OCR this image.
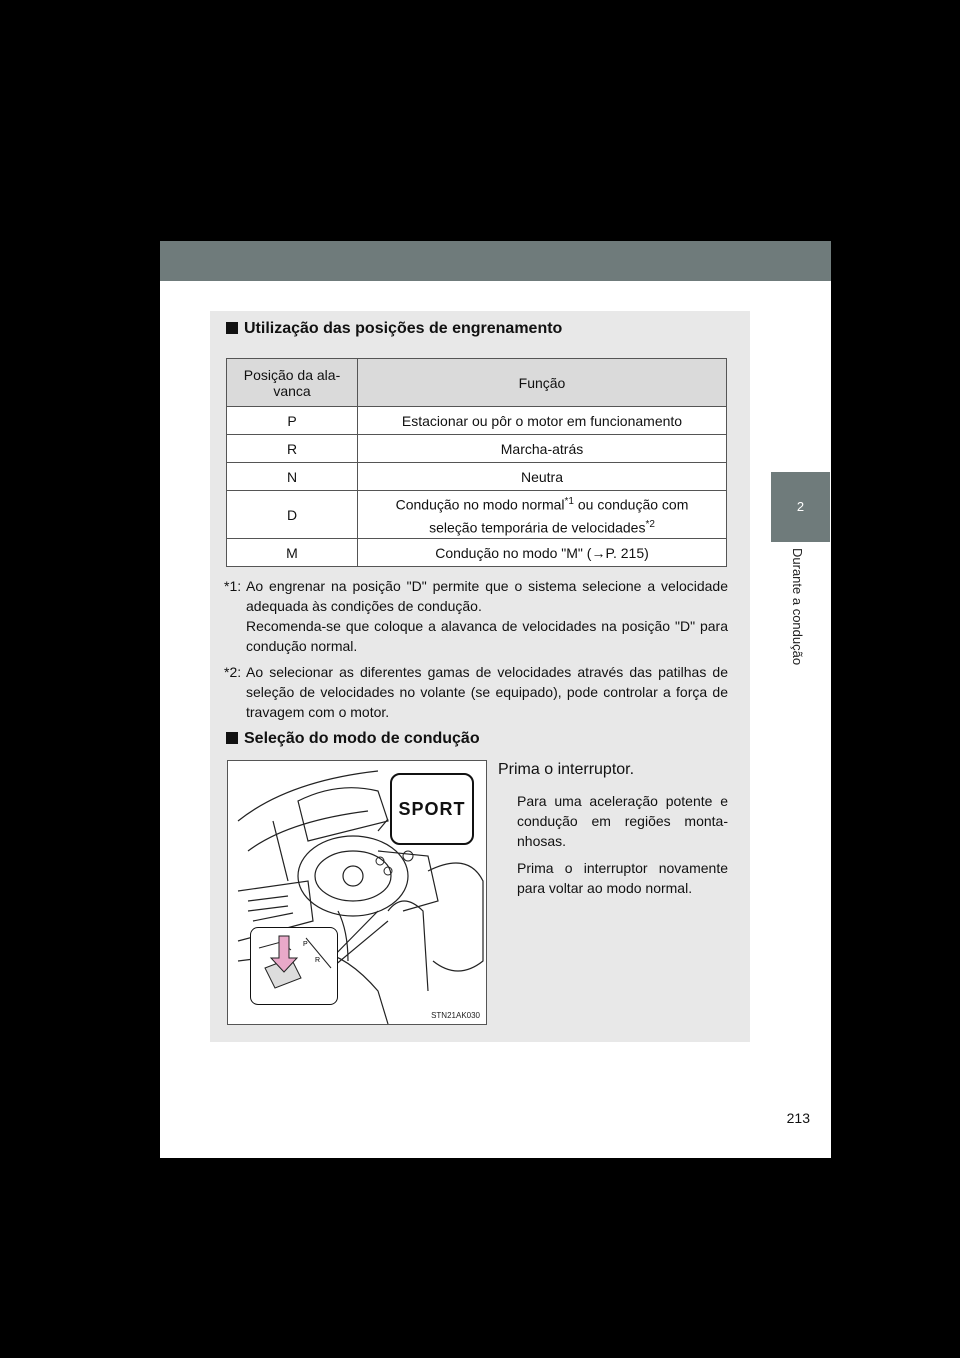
2
Durante a condução
Utilização das posições de engrenamento
Posição da ala-vanca	Função
P	Estacionar ou pôr o motor em funcionamento
R	Marcha-atrás
N	Neutra
D	Condução no modo normal$^{*1}$ ou condução com
seleção temporária de velocidades$^{*2}$
M	Condução no modo "M" (→P. 215)
*1: Ao engrenar na posição "D" permite que o sistema selecione a velocidade adequada às condições de condução.
Recomenda-se que coloque a alavanca de velocidades na posição "D" para condução normal.
*2: Ao selecionar as diferentes gamas de velocidades através das patilhas de seleção de velocidades no volante (se equipado), pode controlar a força de travagem com o motor.
Seleção do modo de condução
SPORT
P
R
STN21AK030
Prima o interruptor.
Para uma aceleração potente e condução em regiões monta-nhosas.
Prima o interruptor novamente para voltar ao modo normal.
213
